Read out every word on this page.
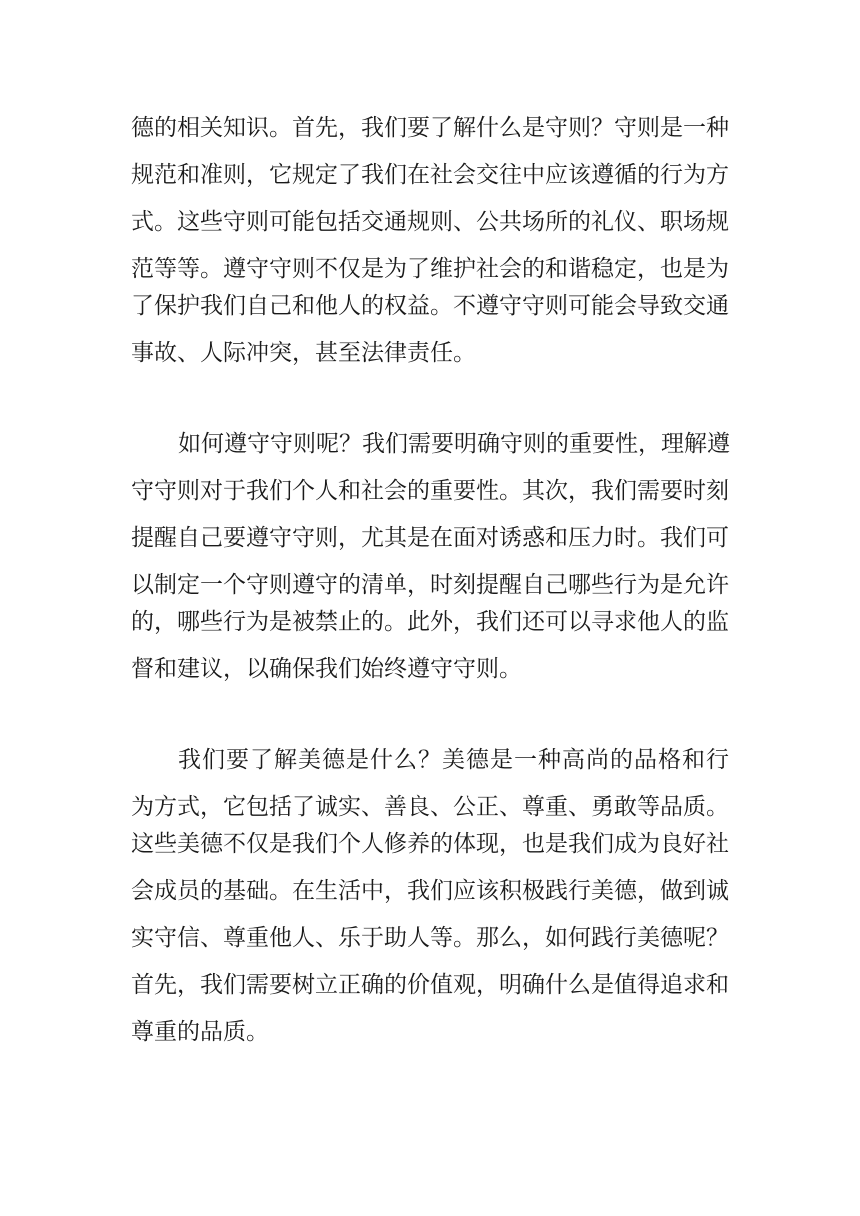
德的相关知识。首先，我们要了解什么是守则？守则是一种
规范和准则，它规定了我们在社会交往中应该遵循的行为方
式。这些守则可能包括交通规则、公共场所的礼仪、职场规
范等等。遵守守则不仅是为了维护社会的和谐稳定，也是为
了保护我们自己和他人的权益。不遵守守则可能会导致交通
事故、人际冲突，甚至法律责任。
如何遵守守则呢？我们需要明确守则的重要性，理解遵
守守则对于我们个人和社会的重要性。其次，我们需要时刻
提醒自己要遵守守则，尤其是在面对诱惑和压力时。我们可
以制定一个守则遵守的清单，时刻提醒自己哪些行为是允许
的，哪些行为是被禁止的。此外，我们还可以寻求他人的监
督和建议，以确保我们始终遵守守则。
我们要了解美德是什么？美德是一种高尚的品格和行
为方式，它包括了诚实、善良、公正、尊重、勇敢等品质。
这些美德不仅是我们个人修养的体现，也是我们成为良好社
会成员的基础。在生活中，我们应该积极践行美德，做到诚
实守信、尊重他人、乐于助人等。那么，如何践行美德呢？
首先，我们需要树立正确的价值观，明确什么是值得追求和
尊重的品质。
